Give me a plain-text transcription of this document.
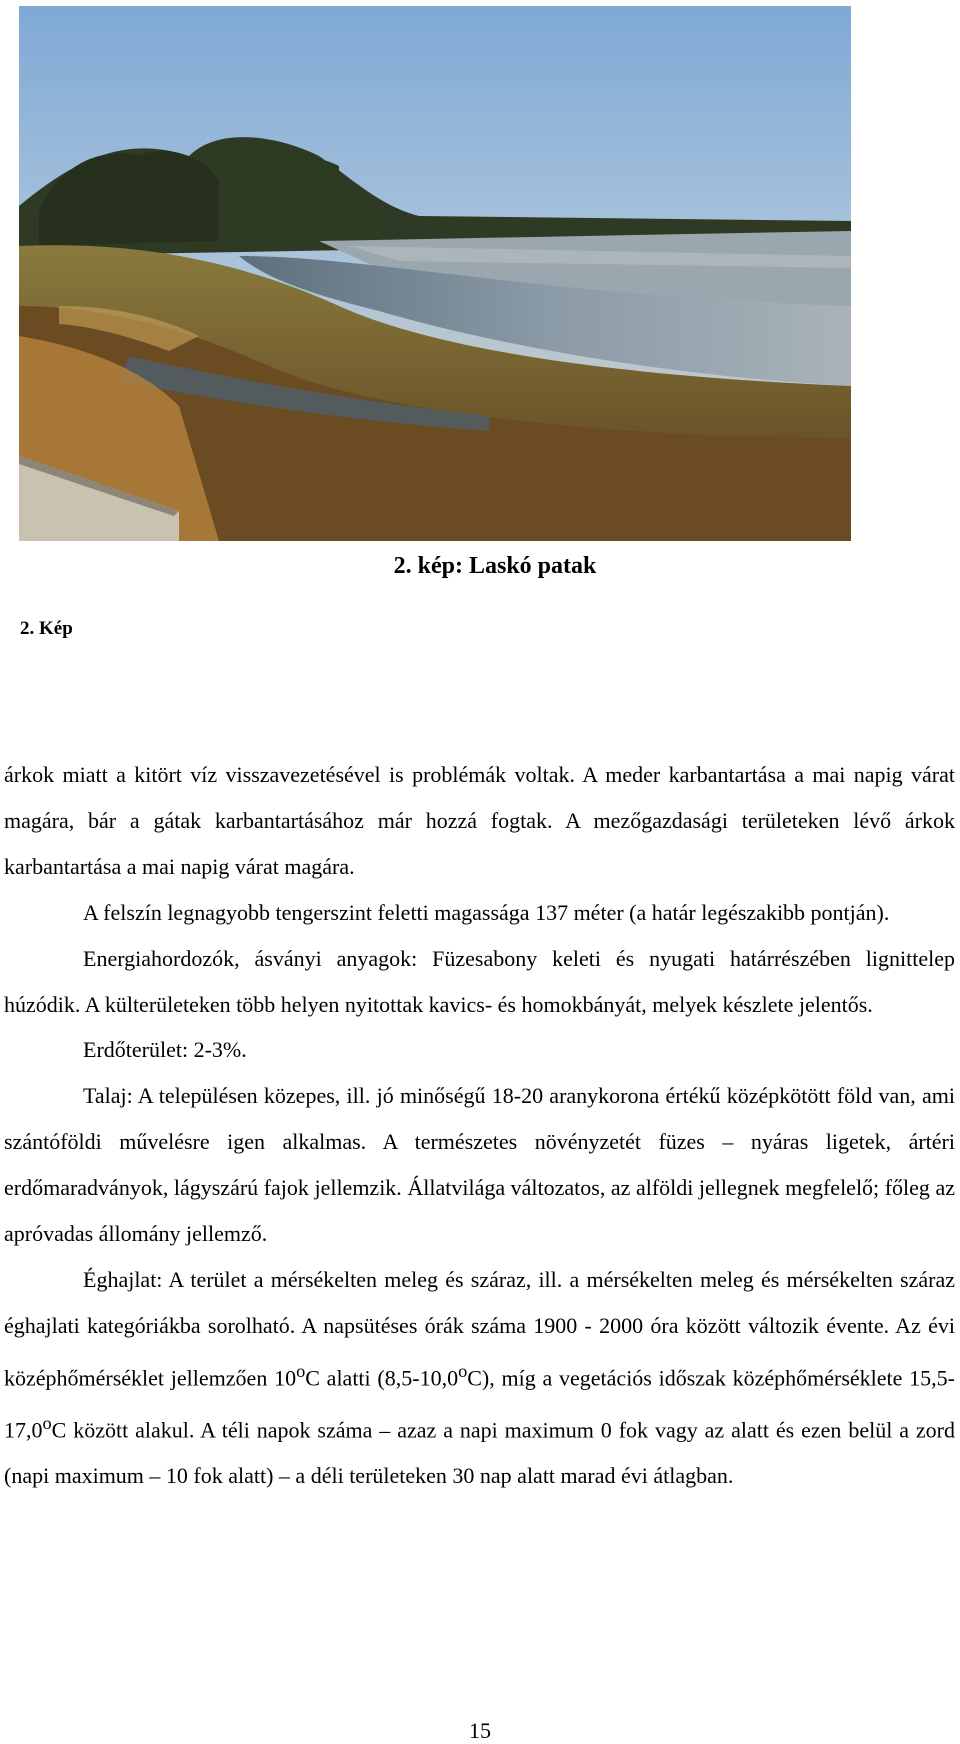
2. kép: Laskó patak
2. Kép

árkok miatt a kitört víz visszavezetésével is problémák voltak. A meder karbantartása a mai napig várat magára, bár a gátak karbantartásához már hozzá fogtak. A mezőgazdasági területeken lévő árkok karbantartása a mai napig várat magára.

A felszín legnagyobb tengerszint feletti magassága 137 méter (a határ legészakibb pontján).

Energiahordozók, ásványi anyagok: Füzesabony keleti és nyugati határrészében lignittelep húzódik. A külterületeken több helyen nyitottak kavics- és homokbányát, melyek készlete jelentős.

Erdőterület: 2-3%.

Talaj: A településen közepes, ill. jó minőségű 18-20 aranykorona értékű középkötött föld van, ami szántóföldi művelésre igen alkalmas. A természetes növényzetét füzes – nyáras ligetek, ártéri erdőmaradványok, lágyszárú fajok jellemzik. Állatvilága változatos, az alföldi jellegnek megfelelő; főleg az apróvadas állomány jellemző.

Éghajlat: A terület a mérsékelten meleg és száraz, ill. a mérsékelten meleg és mérsékelten száraz éghajlati kategóriákba sorolható. A napsütéses órák száma 1900 - 2000 óra között változik évente. Az évi középhőmérséklet jellemzően 10$^o$C alatti (8,5-10,0$^o$C), míg a vegetációs időszak középhőmérséklete 15,5-17,0$^o$C között alakul. A téli napok száma – azaz a napi maximum 0 fok vagy az alatt és ezen belül a zord (napi maximum – 10 fok alatt) – a déli területeken 30 nap alatt marad évi átlagban.

15
